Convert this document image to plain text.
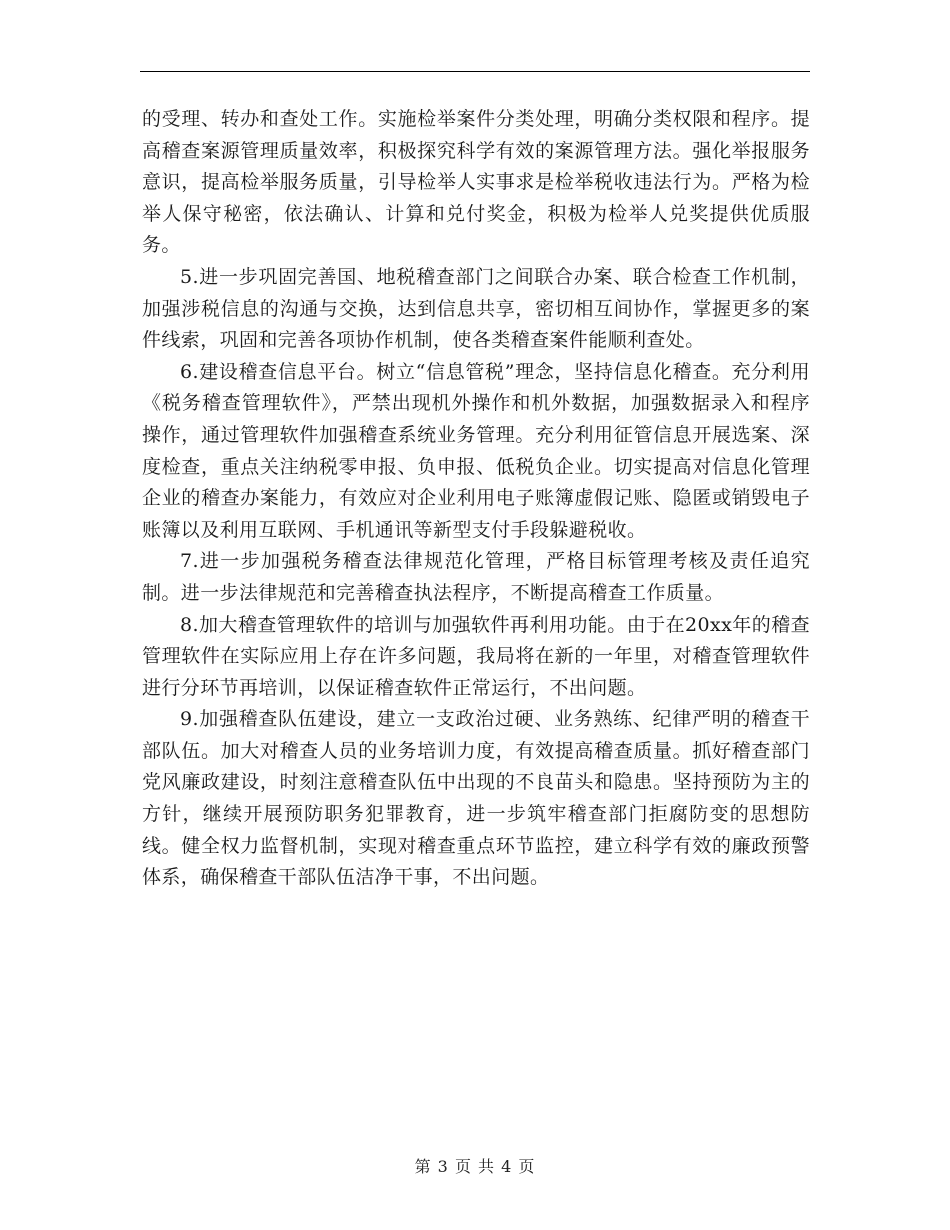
的受理、转办和查处工作。实施检举案件分类处理，明确分类权限和程序。提高稽查案源管理质量效率，积极探究科学有效的案源管理方法。强化举报服务意识，提高检举服务质量，引导检举人实事求是检举税收违法行为。严格为检举人保守秘密，依法确认、计算和兑付奖金，积极为检举人兑奖提供优质服务。

5.进一步巩固完善国、地税稽查部门之间联合办案、联合检查工作机制，加强涉税信息的沟通与交换，达到信息共享，密切相互间协作，掌握更多的案件线索，巩固和完善各项协作机制，使各类稽查案件能顺利查处。

6.建设稽查信息平台。树立“信息管税”理念，坚持信息化稽查。充分利用《税务稽查管理软件》，严禁出现机外操作和机外数据，加强数据录入和程序操作，通过管理软件加强稽查系统业务管理。充分利用征管信息开展选案、深度检查，重点关注纳税零申报、负申报、低税负企业。切实提高对信息化管理企业的稽查办案能力，有效应对企业利用电子账簿虚假记账、隐匿或销毁电子账簿以及利用互联网、手机通讯等新型支付手段躲避税收。

7.进一步加强税务稽查法律规范化管理，严格目标管理考核及责任追究制。进一步法律规范和完善稽查执法程序，不断提高稽查工作质量。

8.加大稽查管理软件的培训与加强软件再利用功能。由于在20xx年的稽查管理软件在实际应用上存在许多问题，我局将在新的一年里，对稽查管理软件进行分环节再培训，以保证稽查软件正常运行，不出问题。

9.加强稽查队伍建设，建立一支政治过硬、业务熟练、纪律严明的稽查干部队伍。加大对稽查人员的业务培训力度，有效提高稽查质量。抓好稽查部门党风廉政建设，时刻注意稽查队伍中出现的不良苗头和隐患。坚持预防为主的方针，继续开展预防职务犯罪教育，进一步筑牢稽查部门拒腐防变的思想防线。健全权力监督机制，实现对稽查重点环节监控，建立科学有效的廉政预警体系，确保稽查干部队伍洁净干事，不出问题。

第 3 页 共 4 页
